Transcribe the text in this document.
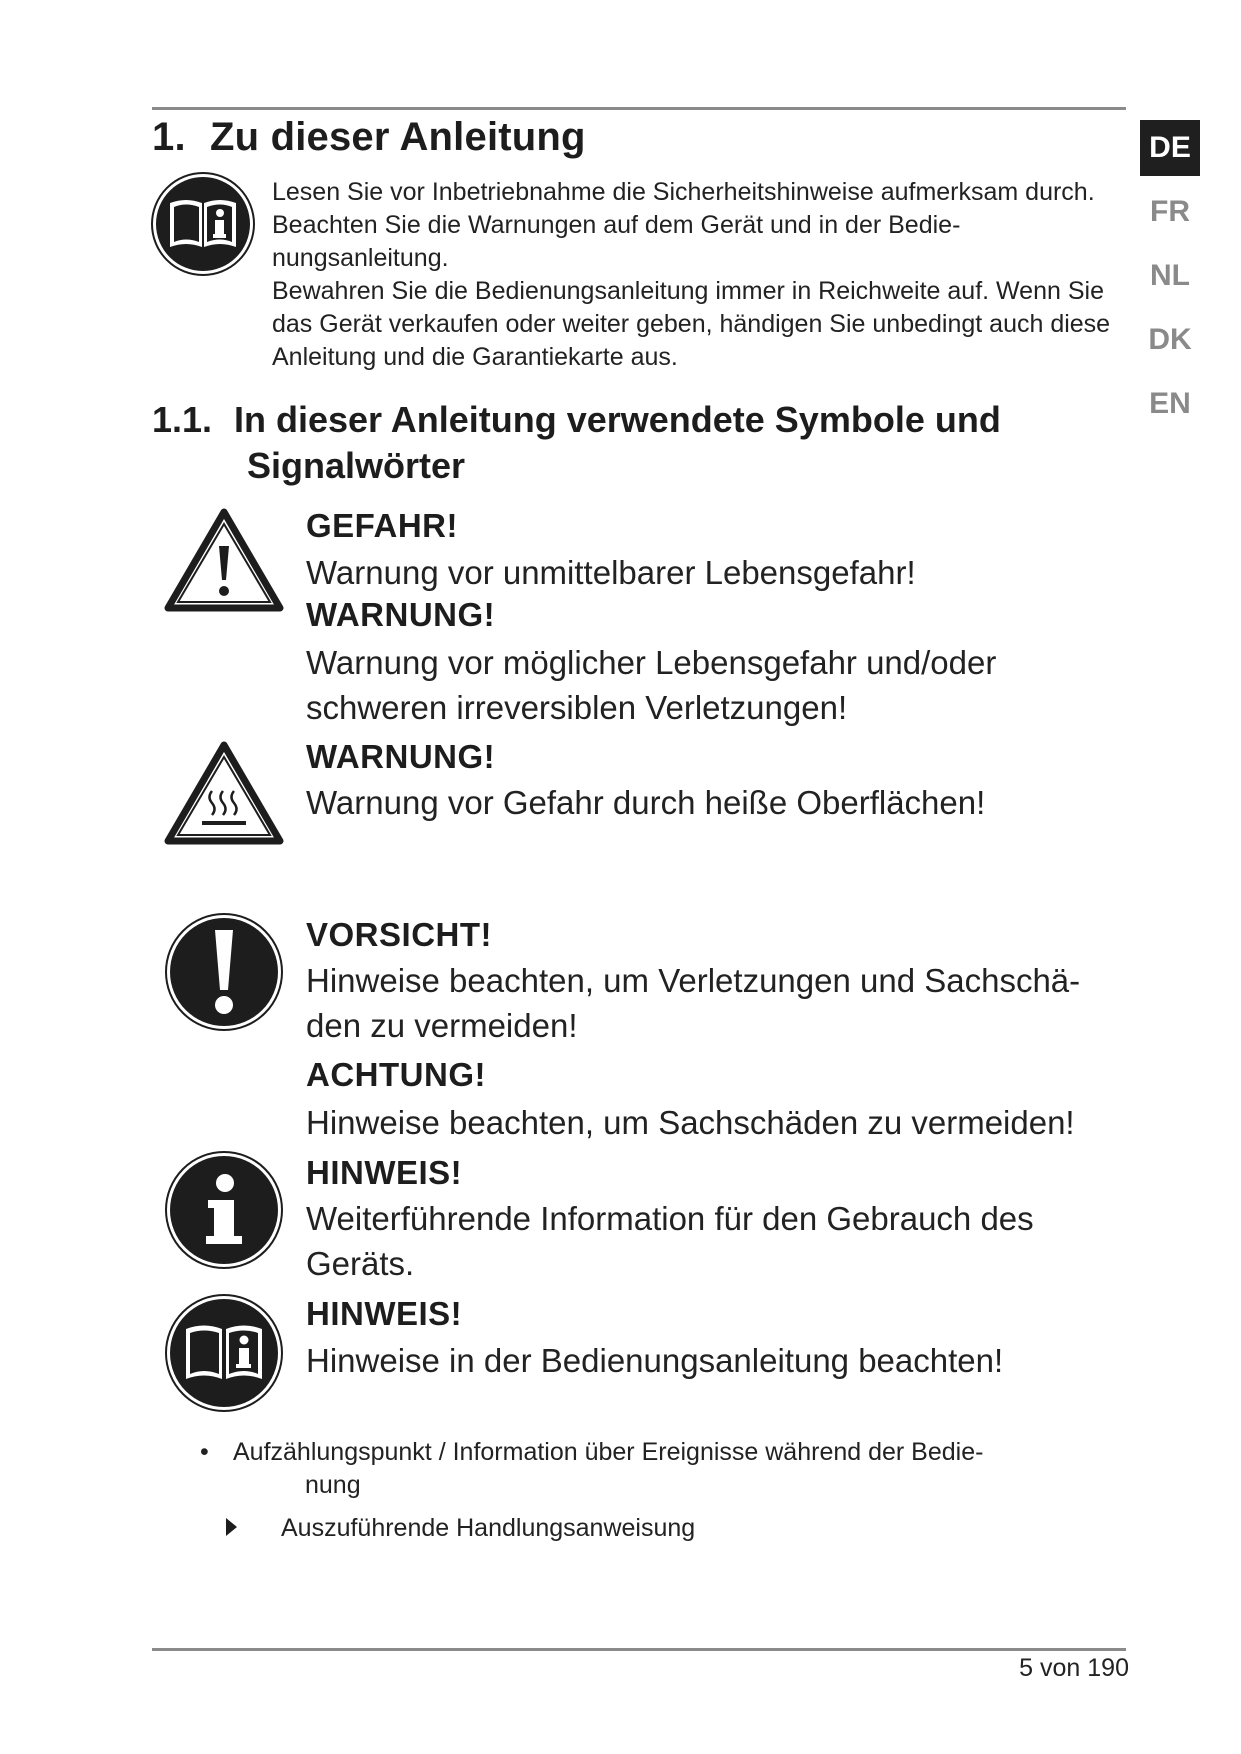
1. Zu dieser Anleitung

Lesen Sie vor Inbetriebnahme die Sicherheitshinweise aufmerksam durch. Beachten Sie die Warnungen auf dem Gerät und in der Bedie-nungsanleitung.

Bewahren Sie die Bedienungsanleitung immer in Reichweite auf. Wenn Sie das Gerät verkaufen oder weiter geben, händigen Sie unbedingt auch diese Anleitung und die Garantiekarte aus.

1.1. In dieser Anleitung verwendete Symbole und
Signalwörter
GEFAHR!
Warnung vor unmittelbarer Lebensgefahr!
WARNUNG!
Warnung vor möglicher Lebensgefahr und/oder schweren irreversiblen Verletzungen!
WARNUNG!
Warnung vor Gefahr durch heiße Oberflächen!
VORSICHT!
Hinweise beachten, um Verletzungen und Sachschä-den zu vermeiden!
ACHTUNG!
Hinweise beachten, um Sachschäden zu vermeiden!
HINWEIS!
Weiterführende Information für den Gebrauch des Geräts.
HINWEIS!
Hinweise in der Bedienungsanleitung beachten!
• Aufzählungspunkt / Information über Ereignisse während der Bedie-
nung
Auszuführende Handlungsanweisung
DE
FR
NL
DK
EN
5 von 190
